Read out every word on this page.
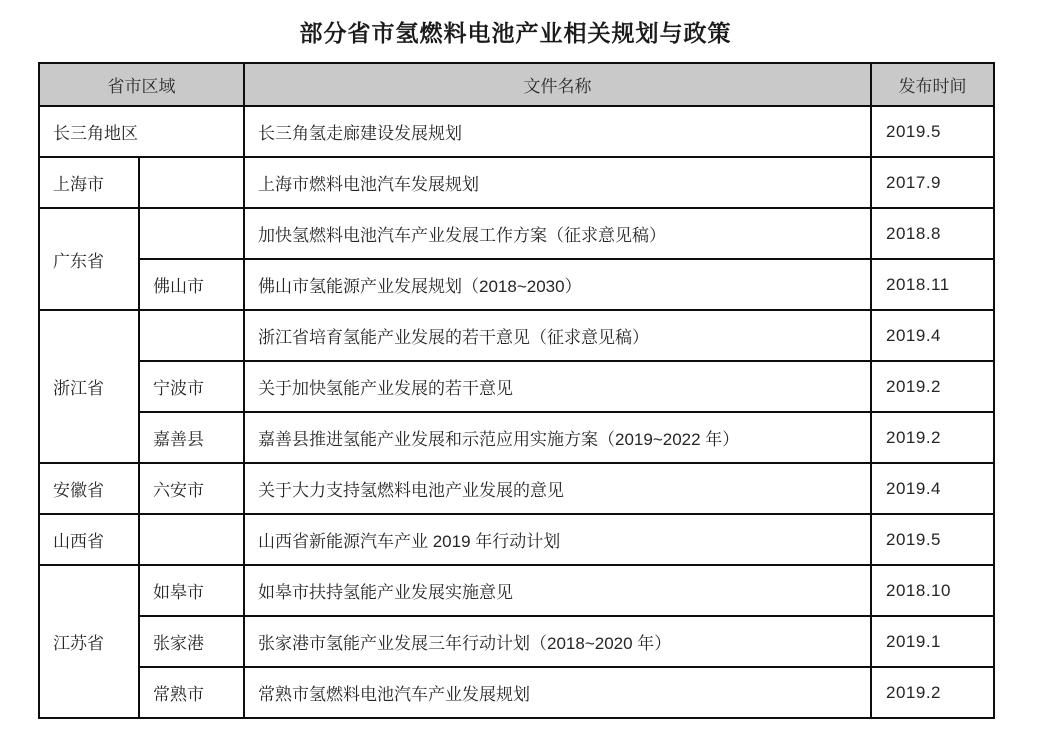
部分省市氢燃料电池产业相关规划与政策
省市区域		文件名称	发布时间
长三角地区		长三角氢走廊建设发展规划	2019.5
上海市		上海市燃料电池汽车发展规划	2017.9
广东省		加快氢燃料电池汽车产业发展工作方案（征求意见稿）	2018.8
	佛山市	佛山市氢能源产业发展规划（2018~2030）	2018.11
浙江省		浙江省培育氢能产业发展的若干意见（征求意见稿）	2019.4
	宁波市	关于加快氢能产业发展的若干意见	2019.2
	嘉善县	嘉善县推进氢能产业发展和示范应用实施方案（2019~2022 年）	2019.2
安徽省	六安市	关于大力支持氢燃料电池产业发展的意见	2019.4
山西省		山西省新能源汽车产业 2019 年行动计划	2019.5
江苏省	如皋市	如皋市扶持氢能产业发展实施意见	2018.10
	张家港	张家港市氢能产业发展三年行动计划（2018~2020 年）	2019.1
	常熟市	常熟市氢燃料电池汽车产业发展规划	2019.2
